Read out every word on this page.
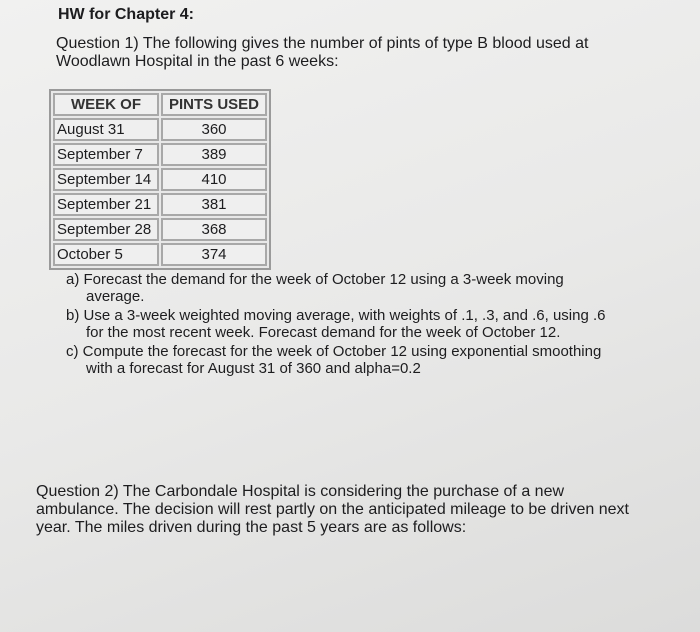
HW for Chapter 4:
Question 1) The following gives the number of pints of type B blood used at Woodlawn Hospital in the past 6 weeks:
WEEK OF	PINTS USED
August 31	360
September 7	389
September 14	410
September 21	381
September 28	368
October 5	374
a) Forecast the demand for the week of October 12 using a 3-week moving average.
b) Use a 3-week weighted moving average, with weights of .1, .3, and .6, using .6 for the most recent week. Forecast demand for the week of October 12.
c) Compute the forecast for the week of October 12 using exponential smoothing with a forecast for August 31 of 360 and alpha=0.2
Question 2) The Carbondale Hospital is considering the purchase of a new ambulance. The decision will rest partly on the anticipated mileage to be driven next year. The miles driven during the past 5 years are as follows:
